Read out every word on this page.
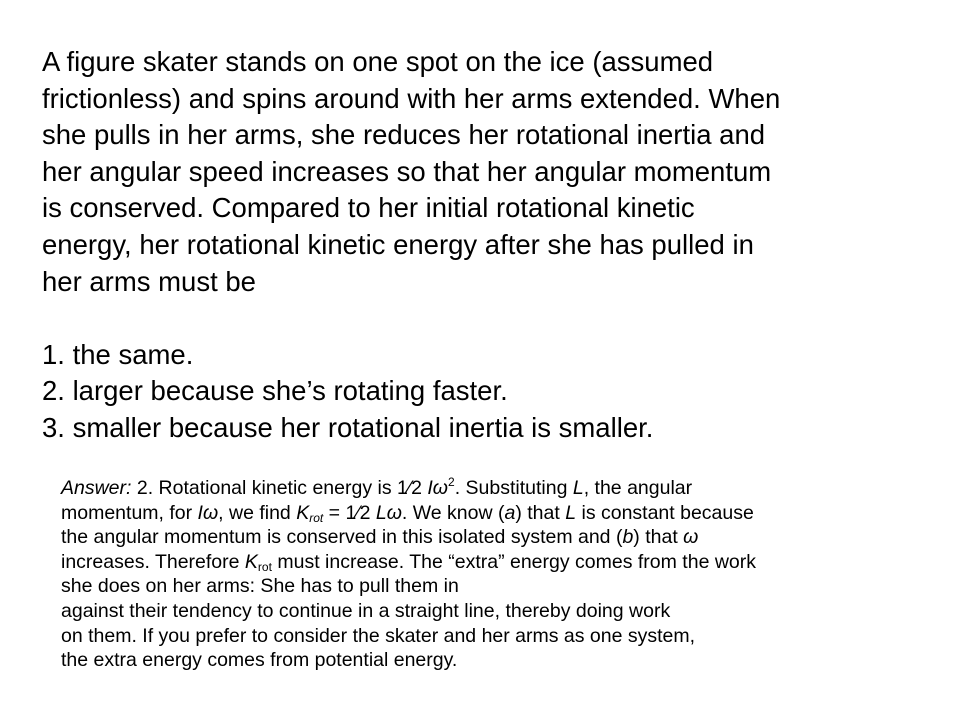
A figure skater stands on one spot on the ice (assumed
frictionless) and spins around with her arms extended. When
she pulls in her arms, she reduces her rotational inertia and
her angular speed increases so that her angular momentum
is conserved. Compared to her initial rotational kinetic
energy, her rotational kinetic energy after she has pulled in
her arms must be
1. the same.
2. larger because she’s rotating faster.
3. smaller because her rotational inertia is smaller.
Answer: 2. Rotational kinetic energy is 1⁄2 $I\omega^2$. Substituting L, the angular
momentum, for Iω, we find $K_{rot}$ = 1⁄2 Lω. We know (a) that L is constant because
the angular momentum is conserved in this isolated system and (b) that ω
increases. Therefore $K_{rot}$ must increase. The “extra” energy comes from the work
she does on her arms: She has to pull them in
against their tendency to continue in a straight line, thereby doing work
on them. If you prefer to consider the skater and her arms as one system,
the extra energy comes from potential energy.
